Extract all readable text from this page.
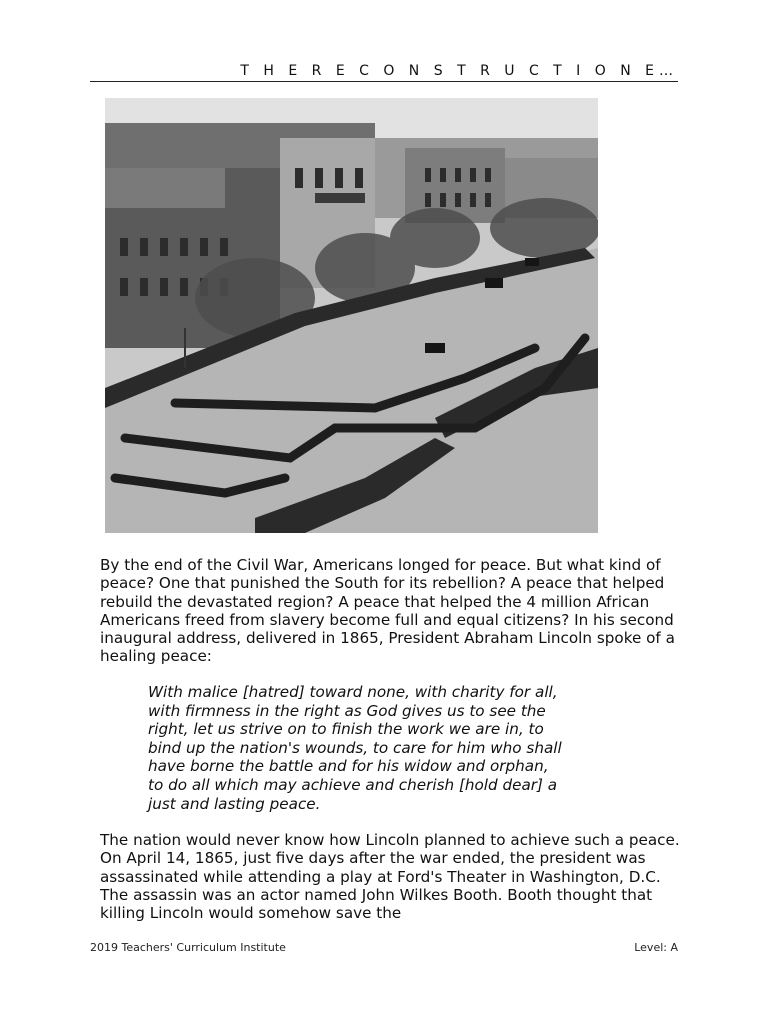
T H E R E C O N S T R U C T I O N E…

By the end of the Civil War, Americans longed for peace. But what kind of peace? One that punished the South for its rebellion? A peace that helped rebuild the devastated region? A peace that helped the 4 million African Americans freed from slavery become full and equal citizens? In his second inaugural address, delivered in 1865, President Abraham Lincoln spoke of a healing peace:

With malice [hatred] toward none, with charity for all, with firmness in the right as God gives us to see the right, let us strive on to finish the work we are in, to bind up the nation's wounds, to care for him who shall have borne the battle and for his widow and orphan, to do all which may achieve and cherish [hold dear] a just and lasting peace.

The nation would never know how Lincoln planned to achieve such a peace. On April 14, 1865, just five days after the war ended, the president was assassinated while attending a play at Ford's Theater in Washington, D.C. The assassin was an actor named John Wilkes Booth. Booth thought that killing Lincoln would somehow save the

2019 Teachers' Curriculum Institute	Level: A
